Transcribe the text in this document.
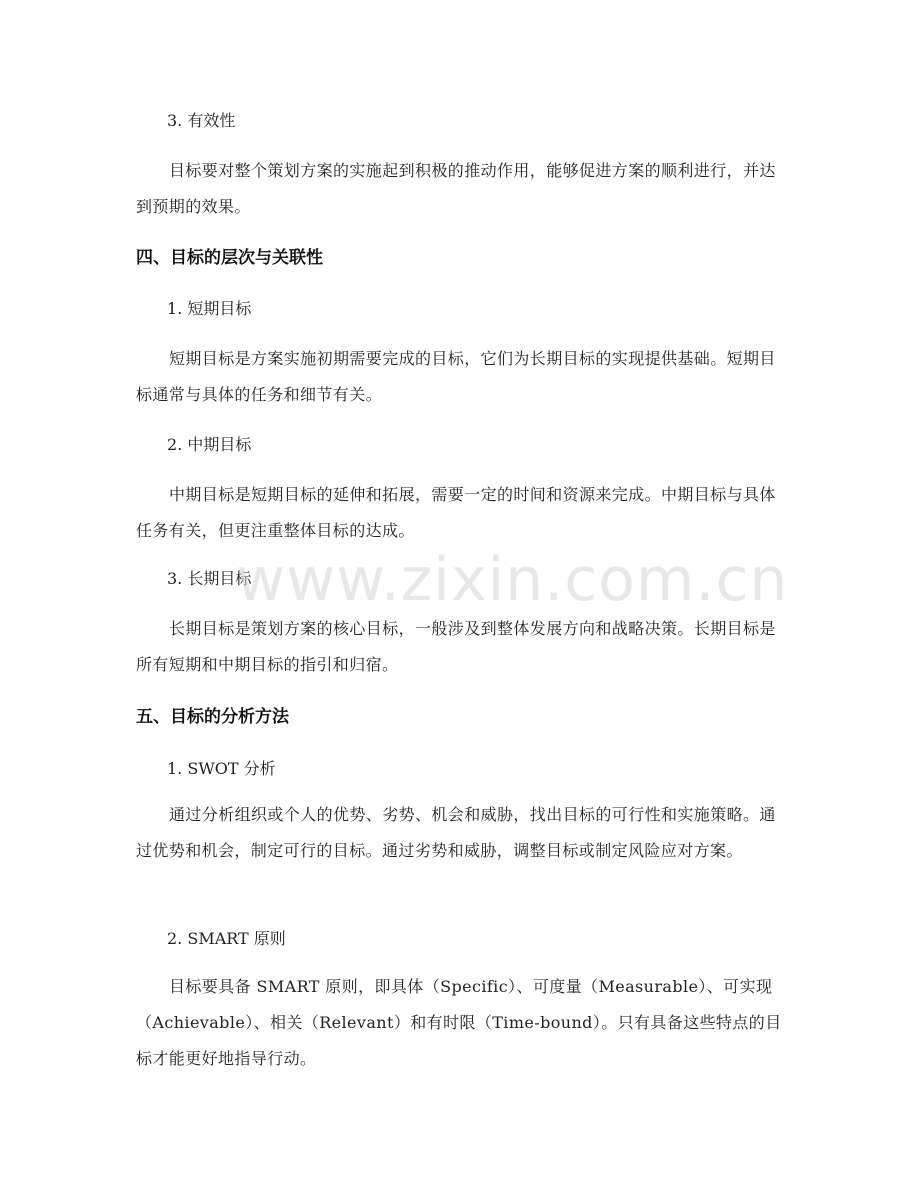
3. 有效性
目标要对整个策划方案的实施起到积极的推动作用，能够促进方案的顺利进行，并达到预期的效果。
四、目标的层次与关联性
1. 短期目标
短期目标是方案实施初期需要完成的目标，它们为长期目标的实现提供基础。短期目标通常与具体的任务和细节有关。
2. 中期目标
中期目标是短期目标的延伸和拓展，需要一定的时间和资源来完成。中期目标与具体任务有关，但更注重整体目标的达成。
3. 长期目标
长期目标是策划方案的核心目标，一般涉及到整体发展方向和战略决策。长期目标是所有短期和中期目标的指引和归宿。
五、目标的分析方法
1. SWOT 分析
通过分析组织或个人的优势、劣势、机会和威胁，找出目标的可行性和实施策略。通过优势和机会，制定可行的目标。通过劣势和威胁，调整目标或制定风险应对方案。
2. SMART 原则
目标要具备 SMART 原则，即具体（Specific）、可度量（Measurable）、可实现（Achievable）、相关（Relevant）和有时限（Time-bound）。只有具备这些特点的目标才能更好地指导行动。
www.zixin.com.cn
